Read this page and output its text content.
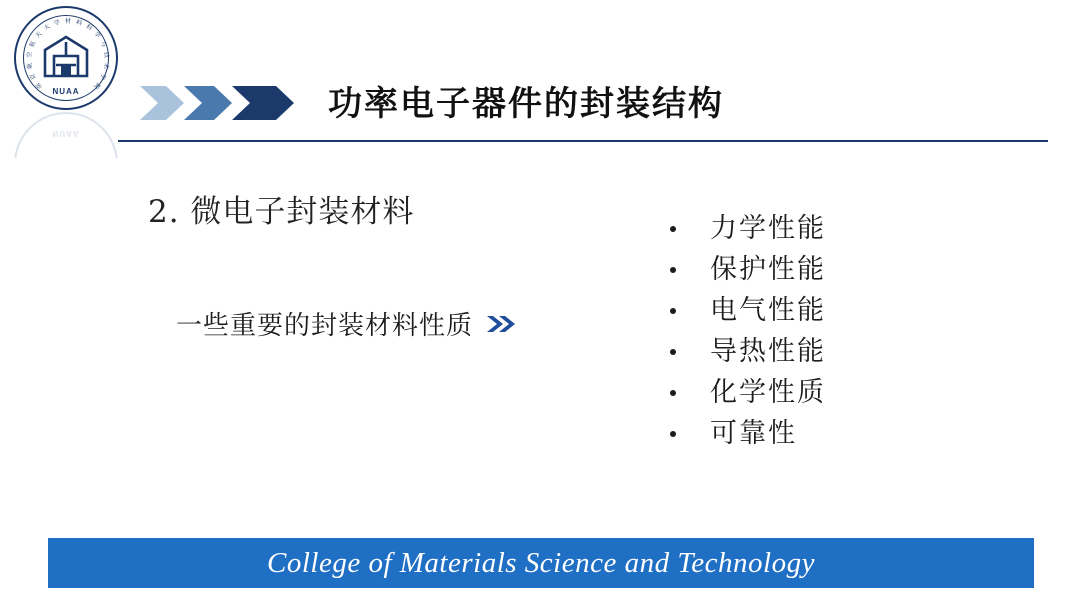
南
京
航
空
航
天
大
学 材 料
科
学
与
技
术
学
院
NUAA
NUAA
功率电子器件的封装结构
2. 微电子封装材料
一些重要的封装材料性质
力学性能
保护性能
电气性能
导热性能
化学性质
可靠性
College of Materials Science and Technology
